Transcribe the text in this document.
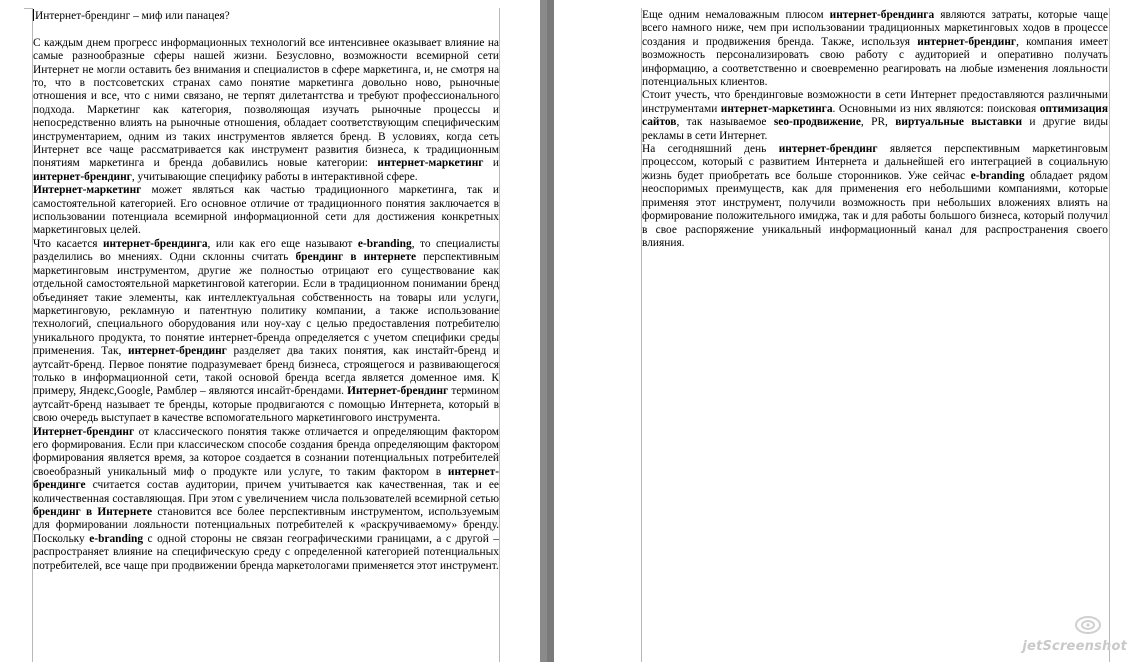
Интернет-брендинг – миф или панацея?

С каждым днем прогресс информационных технологий все интенсивнее оказывает влияние на самые разнообразные сферы нашей жизни. Безусловно, возможности всемирной сети Интернет не могли оставить без внимания и специалистов в сфере маркетинга, и, не смотря на то, что в постсоветских странах само понятие маркетинга довольно ново, рыночные отношения и все, что с ними связано, не терпят дилетантства и требуют профессионального подхода. Маркетинг как категория, позволяющая изучать рыночные процессы и непосредственно влиять на рыночные отношения, обладает соответствующим специфическим инструментарием, одним из таких инструментов является бренд. В условиях, когда сеть Интернет все чаще рассматривается как инструмент развития бизнеса, к традиционным понятиям маркетинга и бренда добавились новые категории: интернет-маркетинг и интернет-брендинг, учитывающие специфику работы в интерактивной сфере.

Интернет-маркетинг может являться как частью традиционного маркетинга, так и самостоятельной категорией. Его основное отличие от традиционного понятия заключается в использовании потенциала всемирной информационной сети для достижения конкретных маркетинговых целей.

Что касается интернет-брендинга, или как его еще называют e-branding, то специалисты разделились во мнениях. Одни склонны считать брендинг в интернете перспективным маркетинговым инструментом, другие же полностью отрицают его существование как отдельной самостоятельной маркетинговой категории. Если в традиционном понимании бренд объединяет такие элементы, как интеллектуальная собственность на товары или услуги, маркетинговую, рекламную и патентную политику компании, а также использование технологий, специального оборудования или ноу-хау с целью предоставления потребителю уникального продукта, то понятие интернет-бренда определяется с учетом специфики среды применения. Так, интернет-брендинг разделяет два таких понятия, как инстайт-бренд и аутсайт-бренд. Первое понятие подразумевает бренд бизнеса, строящегося и развивающегося только в информационной сети, такой основой бренда всегда является доменное имя. К примеру, Яндекс,Google, Рамблер – являются инсайт-брендами. Интернет-брендинг термином аутсайт-бренд называет те бренды, которые продвигаются с помощью Интернета, который в свою очередь выступает в качестве вспомогательного маркетингового инструмента.

Интернет-брендинг от классического понятия также отличается и определяющим фактором его формирования. Если при классическом способе создания бренда определяющим фактором формирования является время, за которое создается в сознании потенциальных потребителей своеобразный уникальный миф о продукте или услуге, то таким фактором в интернет-брендинге считается состав аудитории, причем учитывается как качественная, так и ее количественная составляющая. При этом с увеличением числа пользователей всемирной сетью брендинг в Интернете становится все более перспективным инструментом, используемым для формировании лояльности потенциальных потребителей к «раскручиваемому» бренду. Поскольку e-branding с одной стороны не связан географическими границами, а с другой – распространяет влияние на специфическую среду с определенной категорией потенциальных потребителей, все чаще при продвижении бренда маркетологами применяется этот инструмент.

Еще одним немаловажным плюсом интернет-брендинга являются затраты, которые чаще всего намного ниже, чем при использовании традиционных маркетинговых ходов в процессе создания и продвижения бренда. Также, используя интернет-брендинг, компания имеет возможность персонализировать свою работу с аудиторией и оперативно получать информацию, а соответственно и своевременно реагировать на любые изменения лояльности потенциальных клиентов.

Стоит учесть, что брендинговые возможности в сети Интернет предоставляются различными инструментами интернет-маркетинга. Основными из них являются: поисковая оптимизация сайтов, так называемое seo-продвижение, PR, виртуальные выставки и другие виды рекламы в сети Интернет.

На сегодняшний день интернет-брендинг является перспективным маркетинговым процессом, который с развитием Интернета и дальнейшей его интеграцией в социальную жизнь будет приобретать все больше сторонников. Уже сейчас e-branding обладает рядом неоспоримых преимуществ, как для применения его небольшими компаниями, которые применяя этот инструмент, получили возможность при небольших вложениях влиять на формирование положительного имиджа, так и для работы большого бизнеса, который получил в свое распоряжение уникальный информационный канал для распространения своего влияния.

jetScreenshot
